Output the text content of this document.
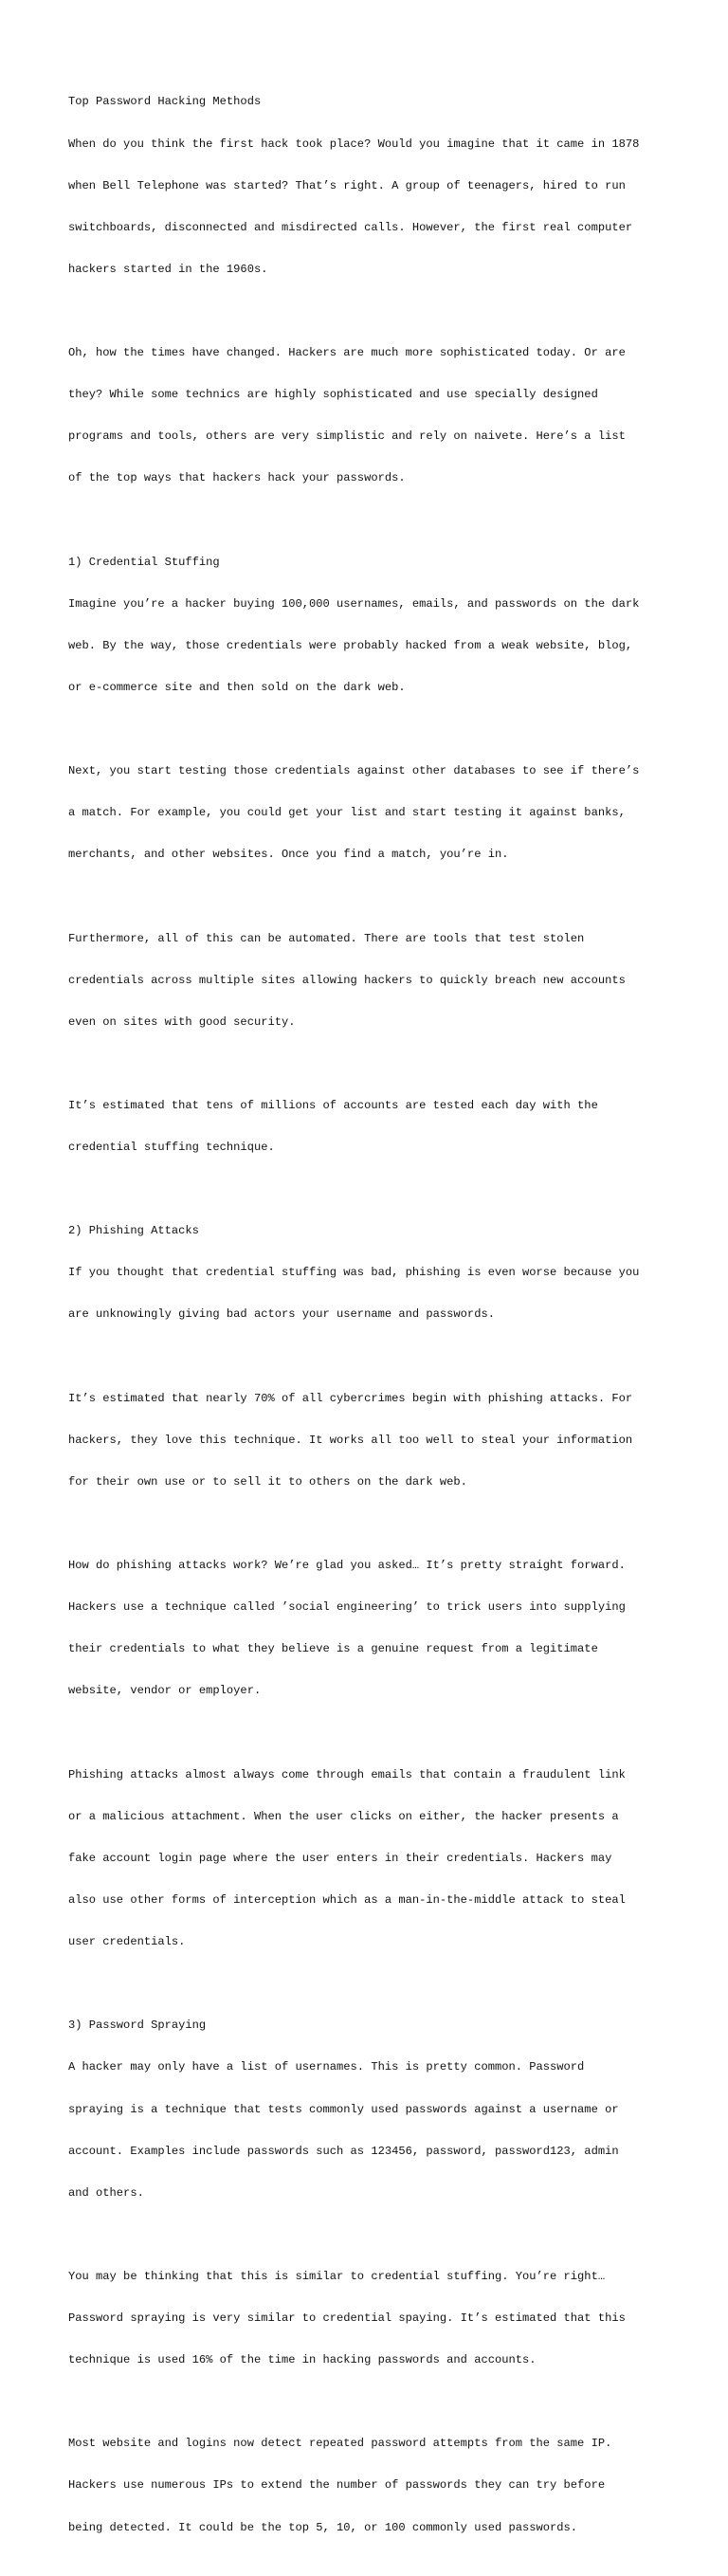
Top Password Hacking Methods

When do you think the first hack took place? Would you imagine that it came in 1878

when Bell Telephone was started? That’s right. A group of teenagers, hired to run

switchboards, disconnected and misdirected calls. However, the first real computer

hackers started in the 1960s.

Oh, how the times have changed. Hackers are much more sophisticated today. Or are

they? While some technics are highly sophisticated and use specially designed

programs and tools, others are very simplistic and rely on naivete. Here’s a list

of the top ways that hackers hack your passwords.

1) Credential Stuffing

Imagine you’re a hacker buying 100,000 usernames, emails, and passwords on the dark

web. By the way, those credentials were probably hacked from a weak website, blog,

or e-commerce site and then sold on the dark web.

Next, you start testing those credentials against other databases to see if there’s

a match. For example, you could get your list and start testing it against banks,

merchants, and other websites. Once you find a match, you’re in.

Furthermore, all of this can be automated. There are tools that test stolen

credentials across multiple sites allowing hackers to quickly breach new accounts

even on sites with good security.

It’s estimated that tens of millions of accounts are tested each day with the

credential stuffing technique.

2) Phishing Attacks

If you thought that credential stuffing was bad, phishing is even worse because you

are unknowingly giving bad actors your username and passwords.

It’s estimated that nearly 70% of all cybercrimes begin with phishing attacks. For

hackers, they love this technique. It works all too well to steal your information

for their own use or to sell it to others on the dark web.

How do phishing attacks work? We’re glad you asked… It’s pretty straight forward.

Hackers use a technique called ’social engineering’ to trick users into supplying

their credentials to what they believe is a genuine request from a legitimate

website, vendor or employer.

Phishing attacks almost always come through emails that contain a fraudulent link

or a malicious attachment. When the user clicks on either, the hacker presents a

fake account login page where the user enters in their credentials. Hackers may

also use other forms of interception which as a man-in-the-middle attack to steal

user credentials.

3) Password Spraying

A hacker may only have a list of usernames. This is pretty common. Password

spraying is a technique that tests commonly used passwords against a username or

account. Examples include passwords such as 123456, password, password123, admin

and others.

You may be thinking that this is similar to credential stuffing. You’re right…

Password spraying is very similar to credential spaying. It’s estimated that this

technique is used 16% of the time in hacking passwords and accounts.

Most website and logins now detect repeated password attempts from the same IP.

Hackers use numerous IPs to extend the number of passwords they can try before

being detected. It could be the top 5, 10, or 100 commonly used passwords.
